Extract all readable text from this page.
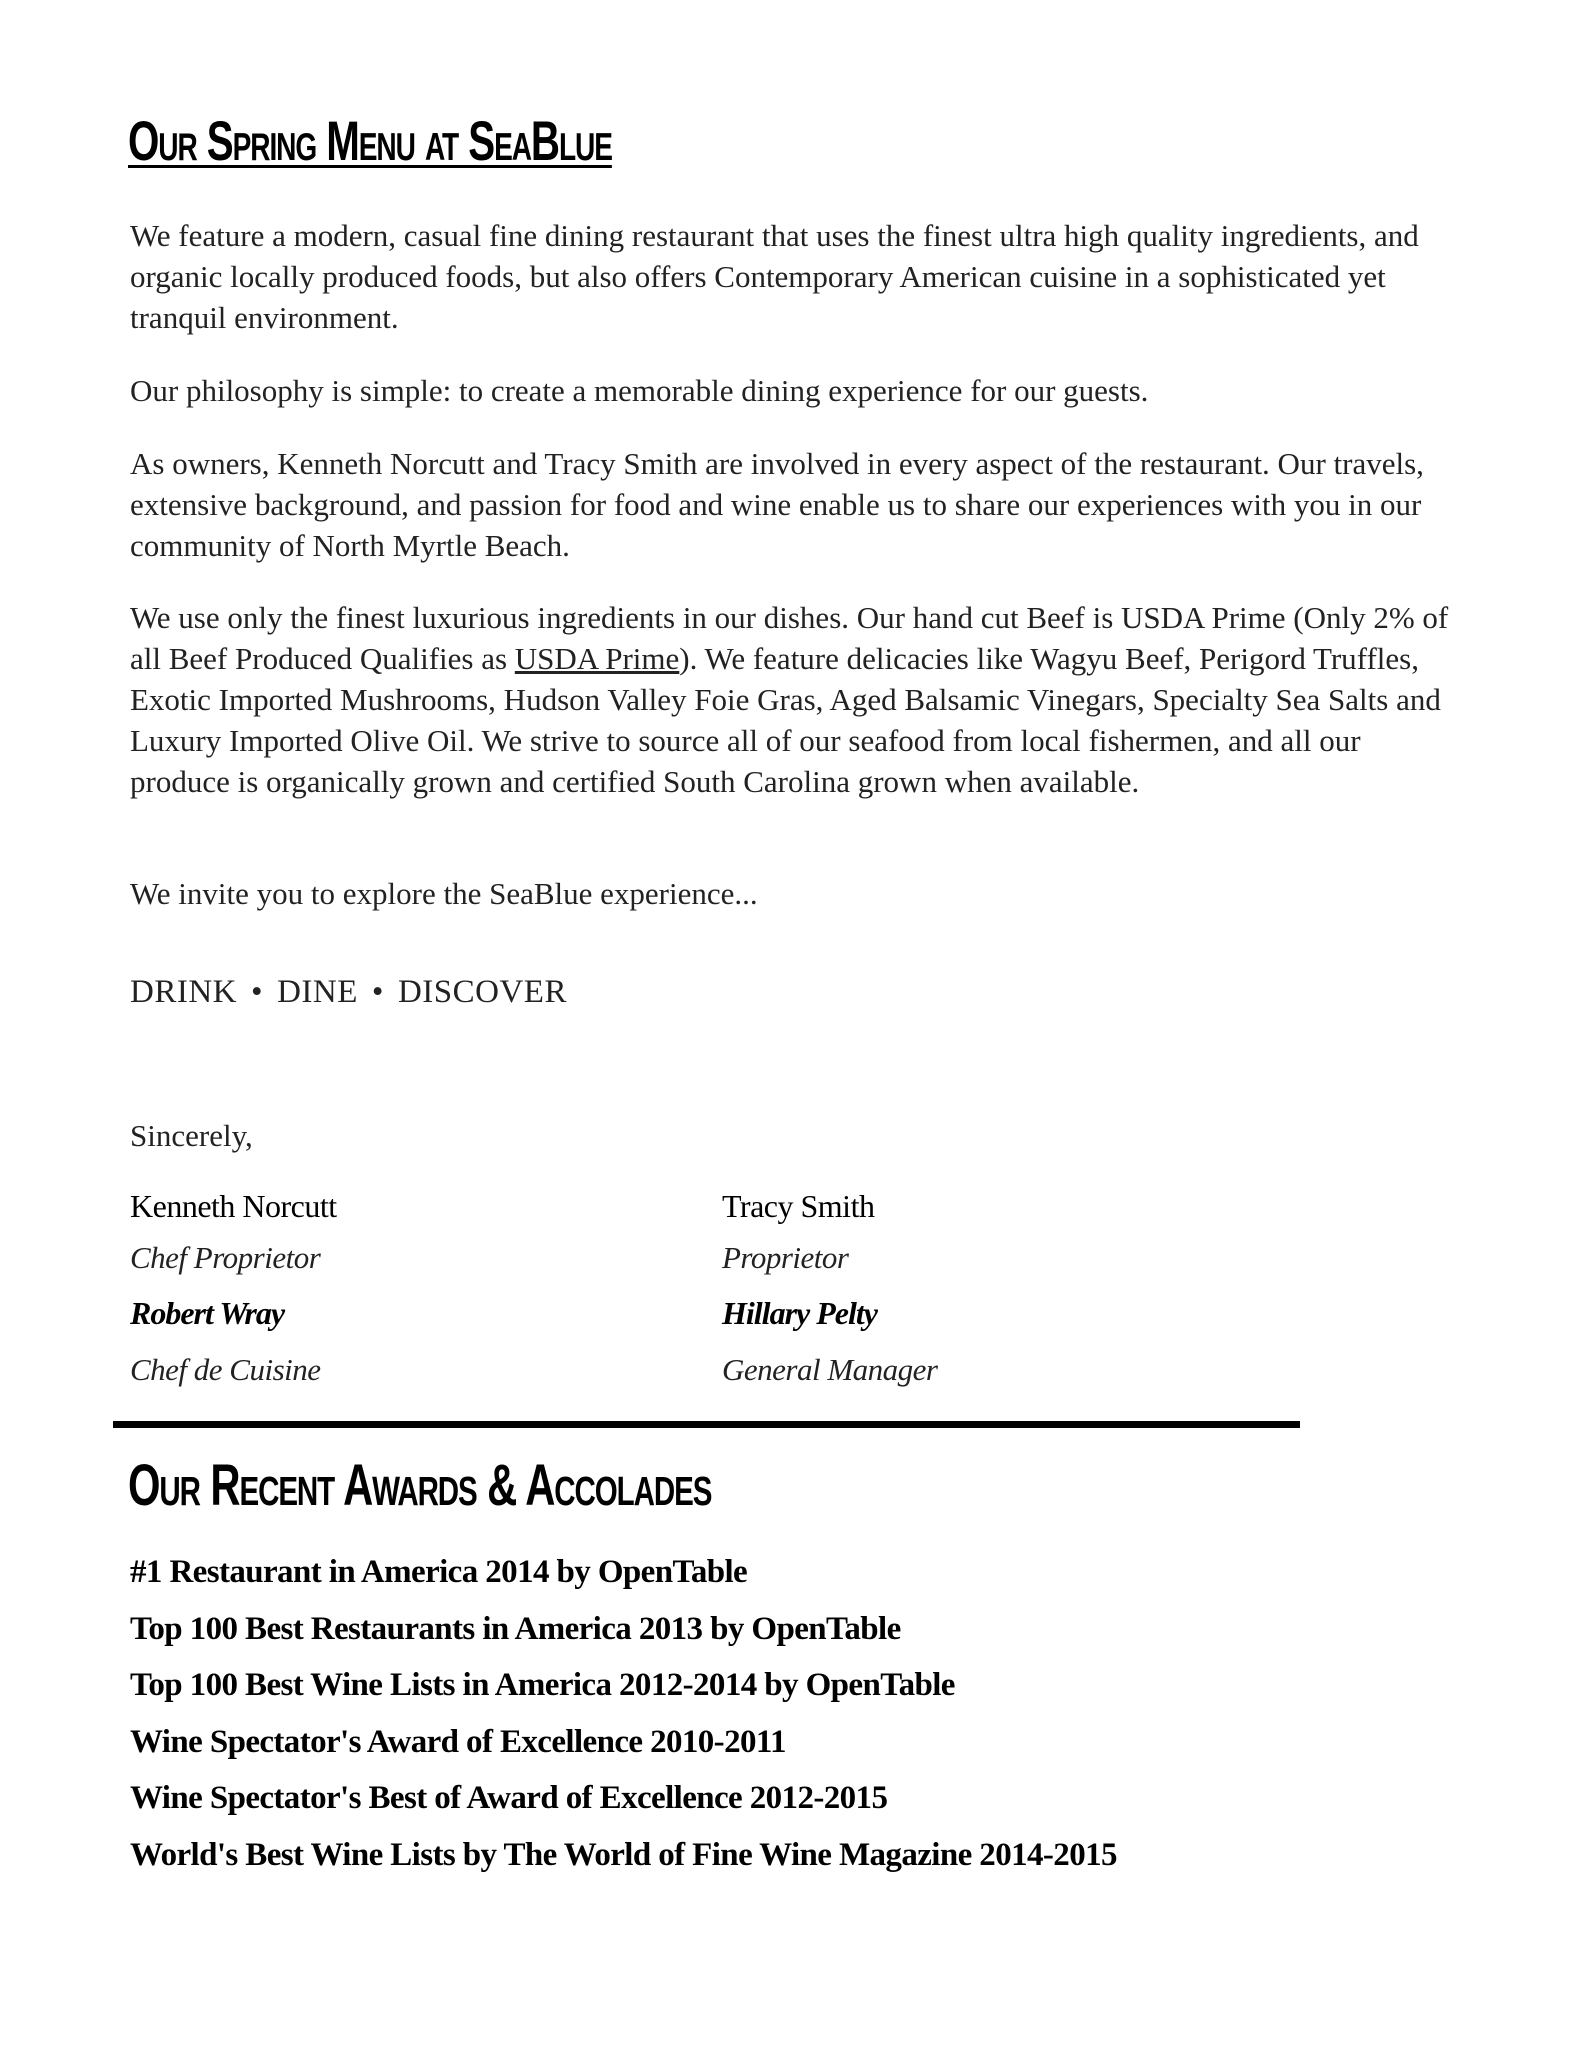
Our Spring Menu at SeaBlue

We feature a modern, casual fine dining restaurant that uses the finest ultra high quality ingredients, and organic locally produced foods, but also offers Contemporary American cuisine in a sophisticated yet tranquil environment.

Our philosophy is simple: to create a memorable dining experience for our guests.

As owners, Kenneth Norcutt and Tracy Smith are involved in every aspect of the restaurant. Our travels, extensive background, and passion for food and wine enable us to share our experiences with you in our community of North Myrtle Beach.

We use only the finest luxurious ingredients in our dishes. Our hand cut Beef is USDA Prime (Only 2% of all Beef Produced Qualifies as USDA Prime). We feature delicacies like Wagyu Beef, Perigord Truffles, Exotic Imported Mushrooms, Hudson Valley Foie Gras, Aged Balsamic Vinegars, Specialty Sea Salts and Luxury Imported Olive Oil. We strive to source all of our seafood from local fishermen, and all our produce is organically grown and certified South Carolina grown when available.

We invite you to explore the SeaBlue experience...

DRINK • DINE • DISCOVER

Sincerely,

Kenneth Norcutt

Chef Proprietor

Tracy Smith

Proprietor

Robert Wray

Chef de Cuisine

Hillary Pelty

General Manager

Our Recent Awards & Accolades
#1 Restaurant in America 2014 by OpenTable
Top 100 Best Restaurants in America 2013 by OpenTable
Top 100 Best Wine Lists in America 2012-2014 by OpenTable
Wine Spectator's Award of Excellence 2010-2011
Wine Spectator's Best of Award of Excellence 2012-2015
World's Best Wine Lists by The World of Fine Wine Magazine 2014-2015
